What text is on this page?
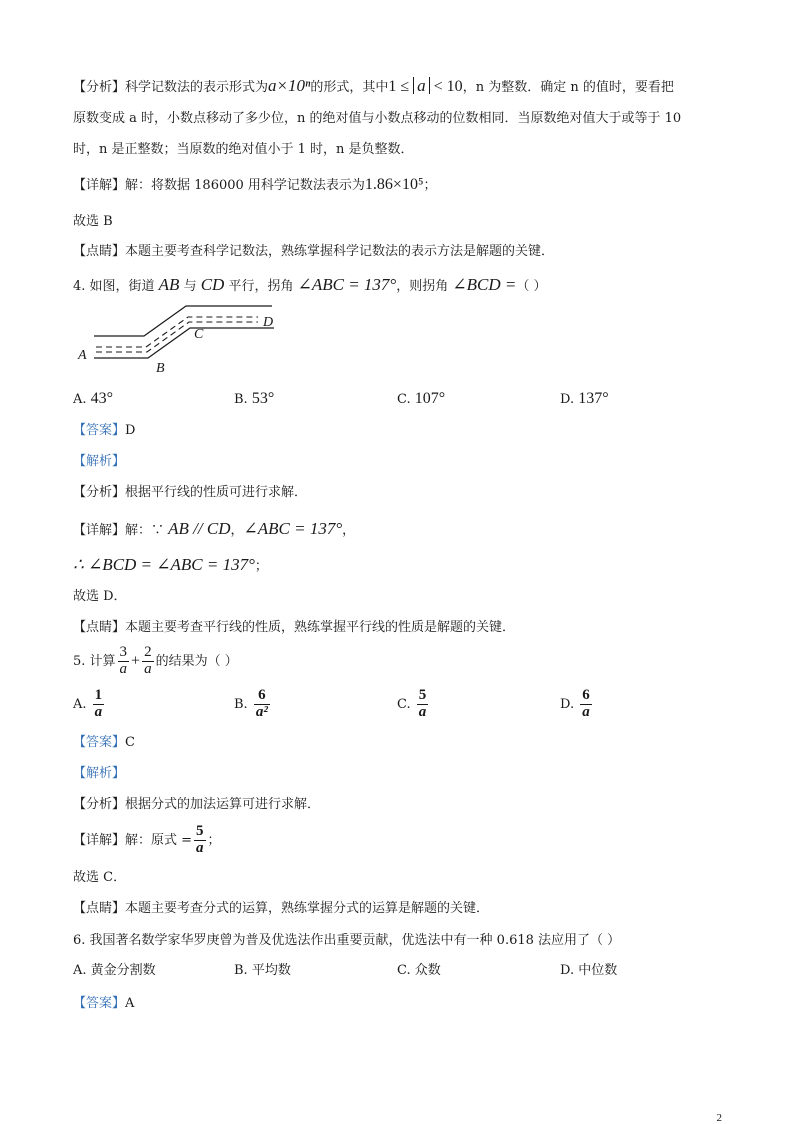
【分析】科学记数法的表示形式为a×10ⁿ的形式，其中1 ≤ a < 10，n 为整数．确定 n 的值时，要看把
原数变成 a 时，小数点移动了多少位，n 的绝对值与小数点移动的位数相同．当原数绝对值大于或等于 10
时，n 是正整数；当原数的绝对值小于 1 时，n 是负整数．
【详解】解：将数据 186000 用科学记数法表示为1.86×10⁵；
故选 B
【点睛】本题主要考查科学记数法，熟练掌握科学记数法的表示方法是解题的关键．
4. 如图，街道 AB 与 CD 平行，拐角 ∠ABC = 137°，则拐角 ∠BCD =（ ）
A
B
C
D
A. 43°	B. 53°	C. 107°	D. 137°
【答案】D
【解析】
【分析】根据平行线的性质可进行求解．
【详解】解：∵ AB // CD，∠ABC = 137°，
∴ ∠BCD = ∠ABC = 137°；
故选 D．
【点睛】本题主要考查平行线的性质，熟练掌握平行线的性质是解题的关键．
5. 计算 $\frac{3}{a} + \frac{2}{a}$ 的结果为（ ）
A. $\frac{1}{a}$	B. $\frac{6}{\text{a²}}$	C. $\frac{5}{a}$	D. $\frac{6}{a}$
【答案】C
【解析】
【分析】根据分式的加法运算可进行求解．
【详解】解：原式 = $\frac{5}{a}$ ；
故选 C．
【点睛】本题主要考查分式的运算，熟练掌握分式的运算是解题的关键．
6. 我国著名数学家华罗庚曾为普及优选法作出重要贡献，优选法中有一种 0.618 法应用了（ ）
A. 黄金分割数	B. 平均数	C. 众数	D. 中位数
【答案】A
2
